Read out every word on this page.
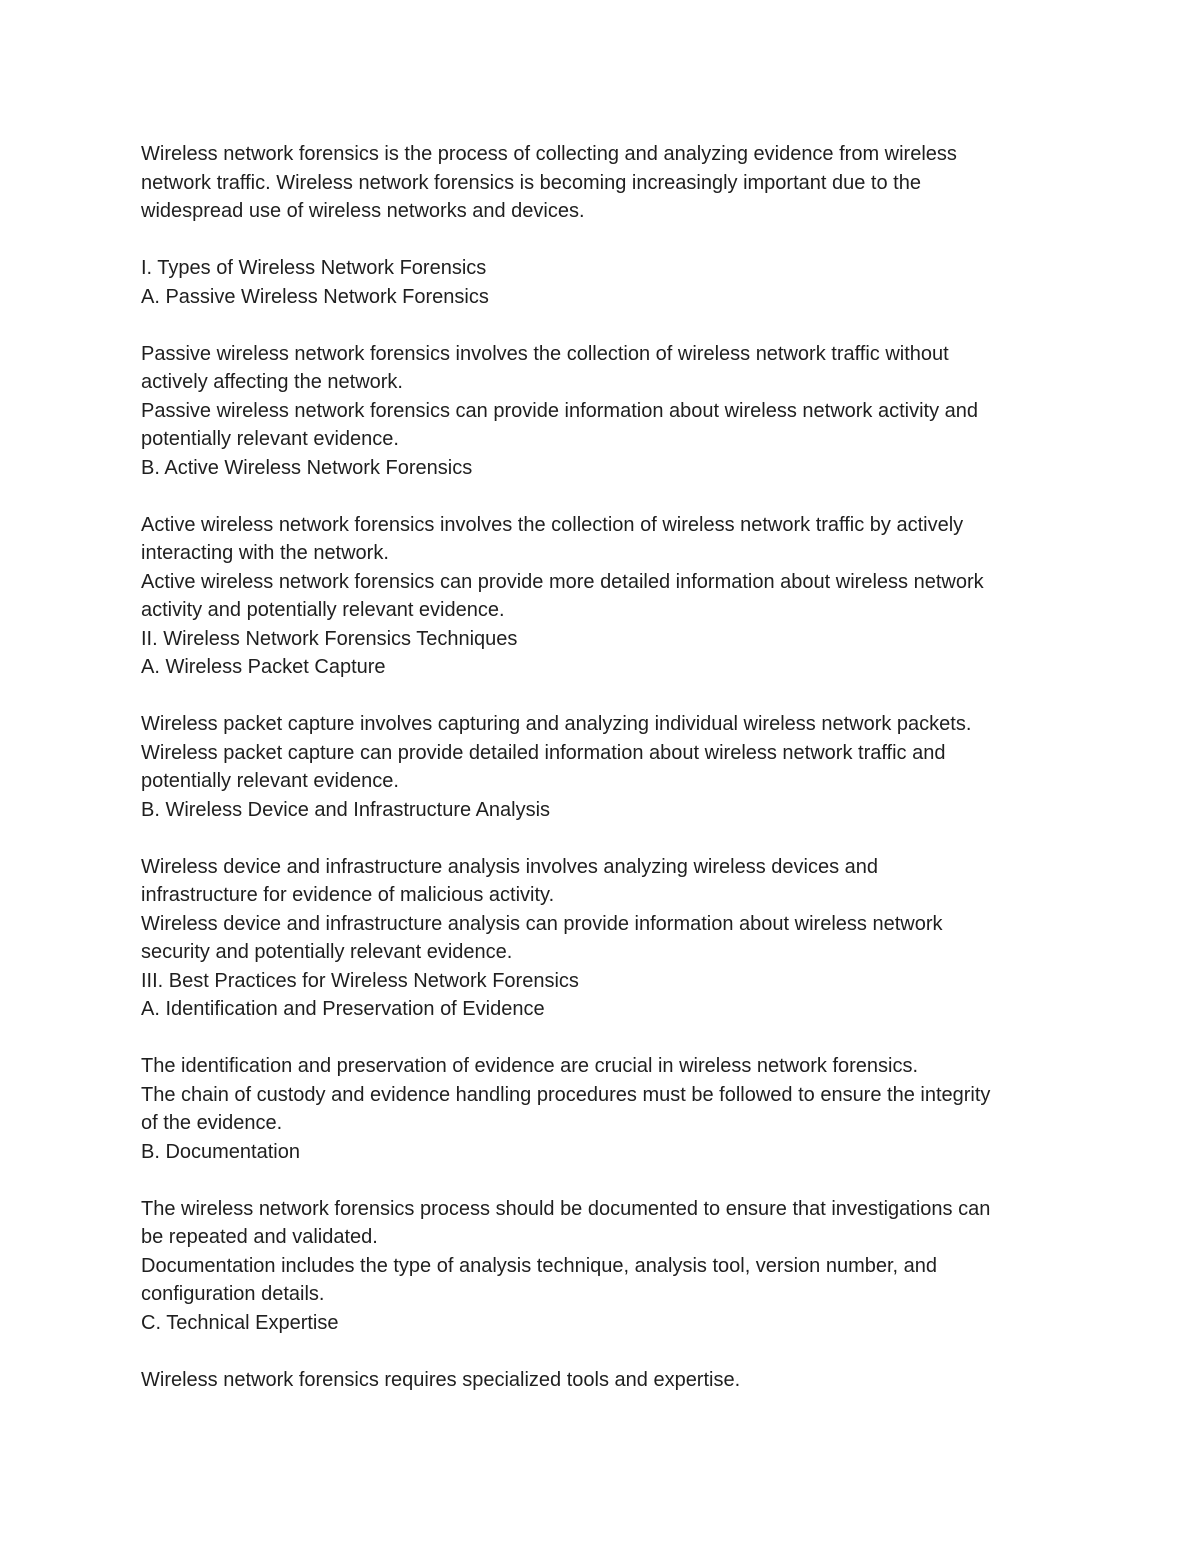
Wireless network forensics is the process of collecting and analyzing evidence from wireless
network traffic. Wireless network forensics is becoming increasingly important due to the
widespread use of wireless networks and devices.
I. Types of Wireless Network Forensics
A. Passive Wireless Network Forensics
Passive wireless network forensics involves the collection of wireless network traffic without
actively affecting the network.
Passive wireless network forensics can provide information about wireless network activity and
potentially relevant evidence.
B. Active Wireless Network Forensics
Active wireless network forensics involves the collection of wireless network traffic by actively
interacting with the network.
Active wireless network forensics can provide more detailed information about wireless network
activity and potentially relevant evidence.
II. Wireless Network Forensics Techniques
A. Wireless Packet Capture
Wireless packet capture involves capturing and analyzing individual wireless network packets.
Wireless packet capture can provide detailed information about wireless network traffic and
potentially relevant evidence.
B. Wireless Device and Infrastructure Analysis
Wireless device and infrastructure analysis involves analyzing wireless devices and
infrastructure for evidence of malicious activity.
Wireless device and infrastructure analysis can provide information about wireless network
security and potentially relevant evidence.
III. Best Practices for Wireless Network Forensics
A. Identification and Preservation of Evidence
The identification and preservation of evidence are crucial in wireless network forensics.
The chain of custody and evidence handling procedures must be followed to ensure the integrity
of the evidence.
B. Documentation
The wireless network forensics process should be documented to ensure that investigations can
be repeated and validated.
Documentation includes the type of analysis technique, analysis tool, version number, and
configuration details.
C. Technical Expertise
Wireless network forensics requires specialized tools and expertise.
